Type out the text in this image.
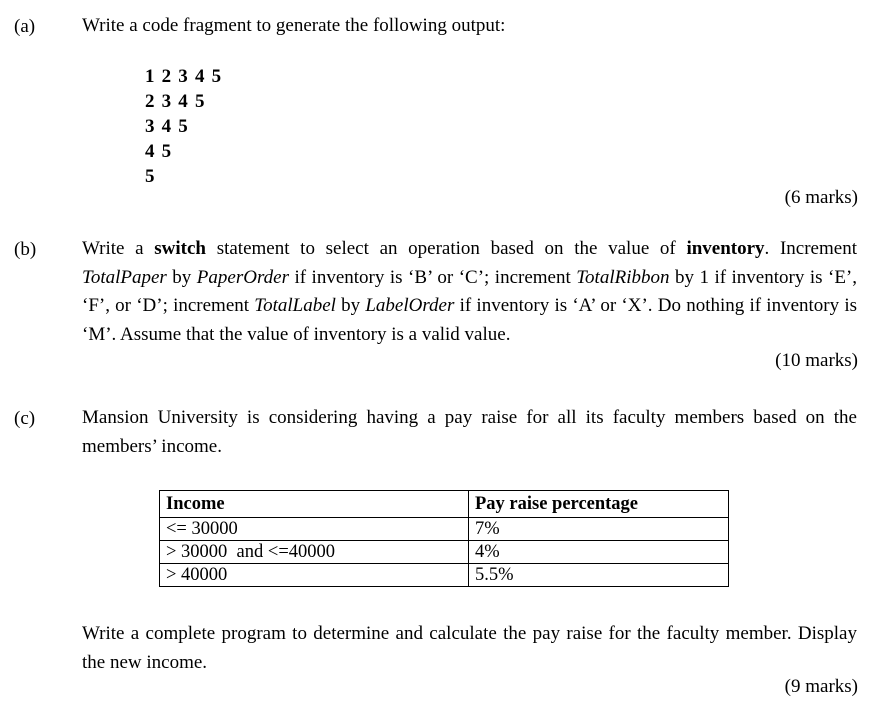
(a) Write a code fragment to generate the following output:
1 2 3 4 5
2 3 4 5
3 4 5
4 5
5
(6 marks)
(b) Write a switch statement to select an operation based on the value of inventory. Increment TotalPaper by PaperOrder if inventory is ‘B’ or ‘C’; increment TotalRibbon by 1 if inventory is ‘E’, ‘F’, or ‘D’; increment TotalLabel by LabelOrder if inventory is ‘A’ or ‘X’. Do nothing if inventory is ‘M’. Assume that the value of inventory is a valid value.
(10 marks)
(c) Mansion University is considering having a pay raise for all its faculty members based on the members’ income.
Income	Pay raise percentage
<= 30000	7%
> 30000  and <=40000	4%
> 40000	5.5%
Write a complete program to determine and calculate the pay raise for the faculty member. Display the new income.
(9 marks)
